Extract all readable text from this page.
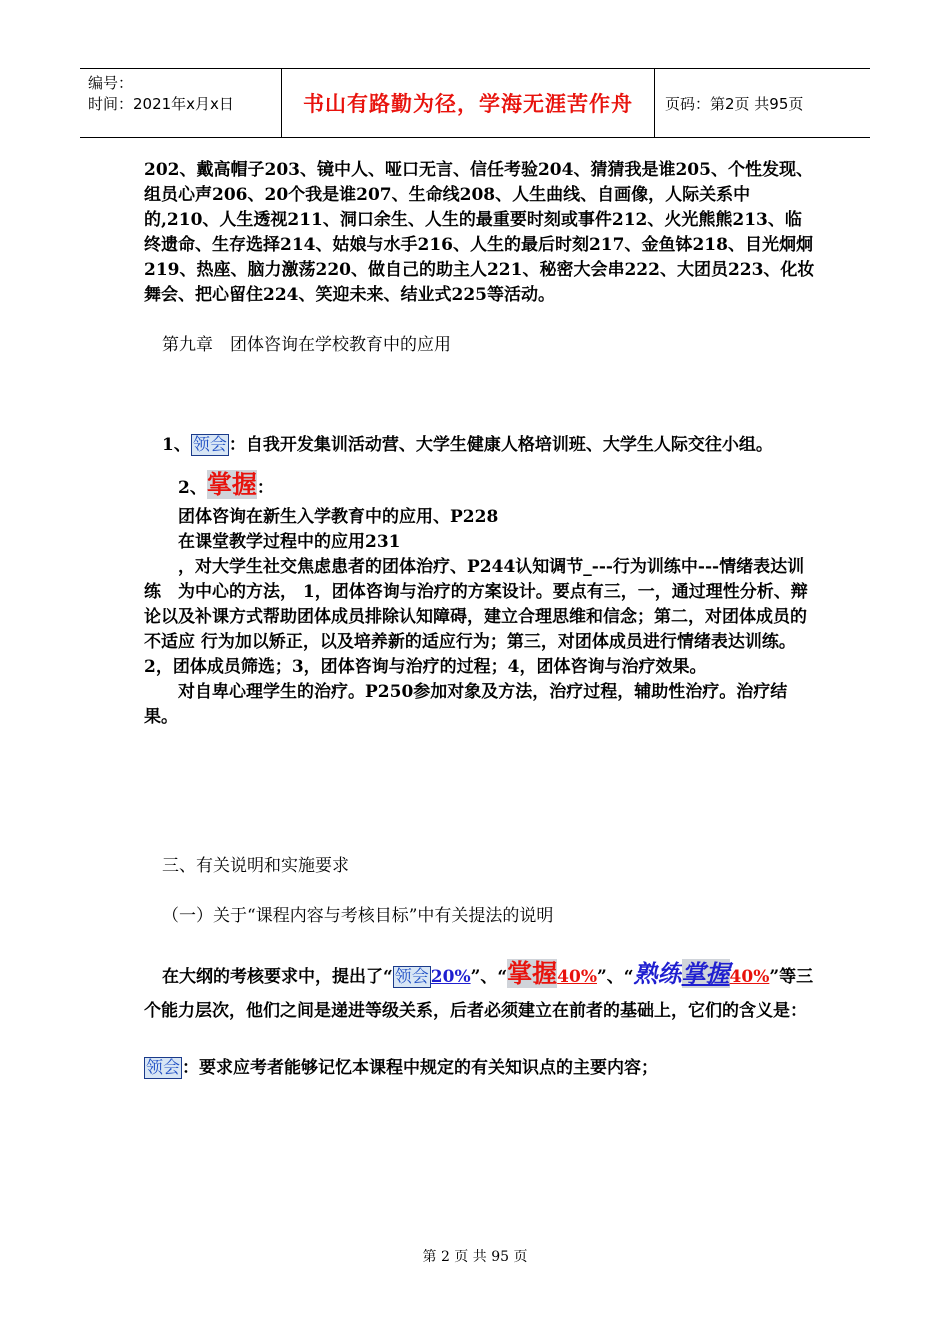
编号：
时间：2021年x月x日	书山有路勤为径，学海无涯苦作舟	页码：第2页 共95页

202、戴高帽子203、镜中人、哑口无言、信任考验204、猜猜我是谁205、个性发现、组员心声206、20个我是谁207、生命线208、人生曲线、自画像，人际关系中的,210、人生透视211、洞口余生、人生的最重要时刻或事件212、火光熊熊213、临终遗命、生存选择214、姑娘与水手216、人生的最后时刻217、金鱼钵218、目光炯炯219、热座、脑力激荡220、做自己的助主人221、秘密大会串222、大团员223、化妆舞会、把心留住224、笑迎未来、结业式225等活动。

第九章　团体咨询在学校教育中的应用

1、 领会 ：自我开发集训活动营、大学生健康人格培训班、大学生人际交往小组。

2、掌握：

团体咨询在新生入学教育中的应用、P228

在课堂教学过程中的应用231

，对大学生社交焦虑患者的团体治疗、P244认知调节_---行为训练中---情绪表达训练　为中心的方法， 1，团体咨询与治疗的方案设计。要点有三，一，通过理性分析、辩论以及补课方式帮助团体成员排除认知障碍，建立合理思维和信念；第二，对团体成员的不适应 行为加以矫正，以及培养新的适应行为；第三，对团体成员进行情绪表达训练。2，团体成员筛选；3，团体咨询与治疗的过程；4，团体咨询与治疗效果。

对自卑心理学生的治疗。P250参加对象及方法，治疗过程，辅助性治疗。治疗结果。

三、有关说明和实施要求

（一）关于“课程内容与考核目标”中有关提法的说明

在大纲的考核要求中，提出了“ 领会 20%”、“掌握40%”、“熟练掌握40%”等三个能力层次，他们之间是递进等级关系，后者必须建立在前者的基础上，它们的含义是：

领会 ：要求应考者能够记忆本课程中规定的有关知识点的主要内容；

第 2 页 共 95 页
